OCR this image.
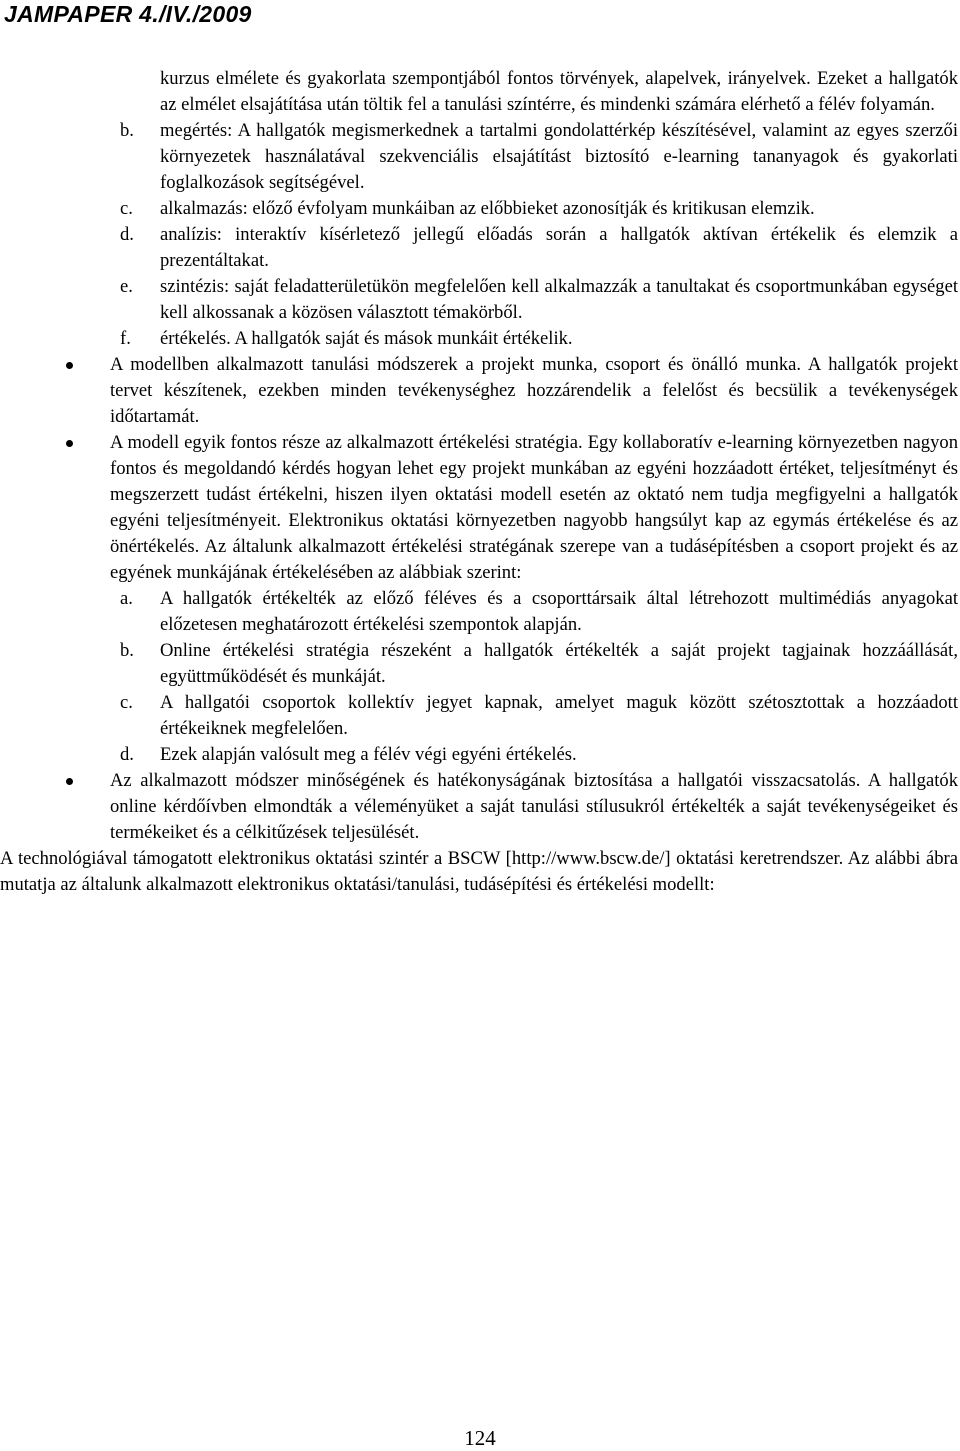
JAMPAPER 4./IV./2009

kurzus elmélete és gyakorlata szempontjából fontos törvények, alapelvek, irányelvek. Ezeket a hallgatók az elmélet elsajátítása után töltik fel a tanulási színtérre, és mindenki számára elérhető a félév folyamán.

b. megértés: A hallgatók megismerkednek a tartalmi gondolattérkép készítésével, valamint az egyes szerzői környezetek használatával szekvenciális elsajátítást biztosító e-learning tananyagok és gyakorlati foglalkozások segítségével.
c. alkalmazás: előző évfolyam munkáiban az előbbieket azonosítják és kritikusan elemzik.
d. analízis: interaktív kísérletező jellegű előadás során a hallgatók aktívan értékelik és elemzik a prezentáltakat.
e. szintézis: saját feladatterületükön megfelelően kell alkalmazzák a tanultakat és csoportmunkában egységet kell alkossanak a közösen választott témakörből.
f. értékelés. A hallgatók saját és mások munkáit értékelik.
A modellben alkalmazott tanulási módszerek a projekt munka, csoport és önálló munka. A hallgatók projekt tervet készítenek, ezekben minden tevékenységhez hozzárendelik a felelőst és becsülik a tevékenységek időtartamát.
A modell egyik fontos része az alkalmazott értékelési stratégia. Egy kollaboratív e-learning környezetben nagyon fontos és megoldandó kérdés hogyan lehet egy projekt munkában az egyéni hozzáadott értéket, teljesítményt és megszerzett tudást értékelni, hiszen ilyen oktatási modell esetén az oktató nem tudja megfigyelni a hallgatók egyéni teljesítményeit. Elektronikus oktatási környezetben nagyobb hangsúlyt kap az egymás értékelése és az önértékelés. Az általunk alkalmazott értékelési stratégának szerepe van a tudásépítésben a csoport projekt és az egyének munkájának értékelésében az alábbiak szerint:
a. A hallgatók értékelték az előző féléves és a csoporttársaik által létrehozott multimédiás anyagokat előzetesen meghatározott értékelési szempontok alapján.
b. Online értékelési stratégia részeként a hallgatók értékelték a saját projekt tagjainak hozzáállását, együttműködését és munkáját.
c. A hallgatói csoportok kollektív jegyet kapnak, amelyet maguk között szétosztottak a hozzáadott értékeiknek megfelelően.
d. Ezek alapján valósult meg a félév végi egyéni értékelés.
Az alkalmazott módszer minőségének és hatékonyságának biztosítása a hallgatói visszacsatolás. A hallgatók online kérdőívben elmondták a véleményüket a saját tanulási stílusukról értékelték a saját tevékenységeiket és termékeiket és a célkitűzések teljesülését.

A technológiával támogatott elektronikus oktatási szintér a BSCW [http://www.bscw.de/] oktatási keretrendszer. Az alábbi ábra mutatja az általunk alkalmazott elektronikus oktatási/tanulási, tudásépítési és értékelési modellt:

124
